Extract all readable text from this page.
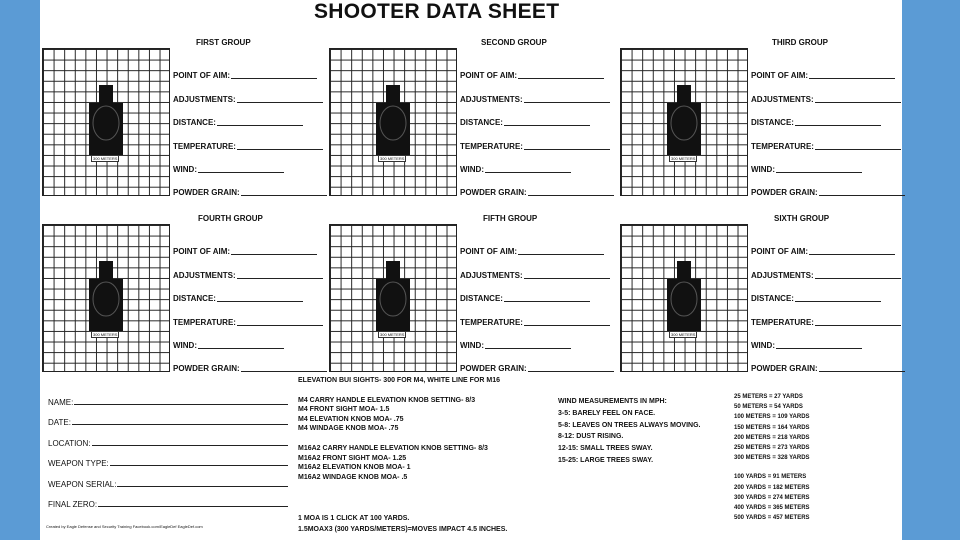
SHOOTER DATA SHEET
FIRST GROUP
300 METERS
POINT OF AIM:
ADJUSTMENTS:
DISTANCE:
TEMPERATURE:
WIND:
POWDER GRAIN:
SECOND GROUP
300 METERS
POINT OF AIM:
ADJUSTMENTS:
DISTANCE:
TEMPERATURE:
WIND:
POWDER GRAIN:
THIRD GROUP
300 METERS
POINT OF AIM:
ADJUSTMENTS:
DISTANCE:
TEMPERATURE:
WIND:
POWDER GRAIN:
FOURTH GROUP
300 METERS
POINT OF AIM:
ADJUSTMENTS:
DISTANCE:
TEMPERATURE:
WIND:
POWDER GRAIN:
FIFTH GROUP
300 METERS
POINT OF AIM:
ADJUSTMENTS:
DISTANCE:
TEMPERATURE:
WIND:
POWDER GRAIN:
SIXTH GROUP
300 METERS
POINT OF AIM:
ADJUSTMENTS:
DISTANCE:
TEMPERATURE:
WIND:
POWDER GRAIN:
NAME:
DATE:
LOCATION:
WEAPON TYPE:
WEAPON SERIAL:
FINAL ZERO:
Created by Eagle Defense and Security Training Facebook.com/EagleDef EagleDef.com
ELEVATION BUI SIGHTS- 300 FOR M4, WHITE LINE FOR M16
M4 CARRY HANDLE ELEVATION KNOB SETTING- 8/3
M4 FRONT SIGHT MOA- 1.5
M4 ELEVATION KNOB MOA- .75
M4 WINDAGE KNOB MOA- .75
M16A2 CARRY HANDLE ELEVATION KNOB SETTING- 8/3
M16A2 FRONT SIGHT MOA- 1.25
M16A2 ELEVATION KNOB MOA- 1
M16A2 WINDAGE KNOB MOA- .5
1 MOA IS 1 CLICK AT 100 YARDS.
1.5MOAX3 (300 YARDS/METERS)=MOVES IMPACT 4.5 INCHES.
WIND MEASUREMENTS IN MPH:
3-5: BARELY FEEL ON FACE.
5-8: LEAVES ON TREES ALWAYS MOVING.
8-12: DUST RISING.
12-15: SMALL TREES SWAY.
15-25: LARGE TREES SWAY.
25 METERS = 27 YARDS
50 METERS = 54 YARDS
100 METERS = 109 YARDS
150 METERS = 164 YARDS
200 METERS = 218 YARDS
250 METERS = 273 YARDS
300 METERS = 328 YARDS
100 YARDS = 91 METERS
200 YARDS = 182 METERS
300 YARDS = 274 METERS
400 YARDS = 365 METERS
500 YARDS = 457 METERS
